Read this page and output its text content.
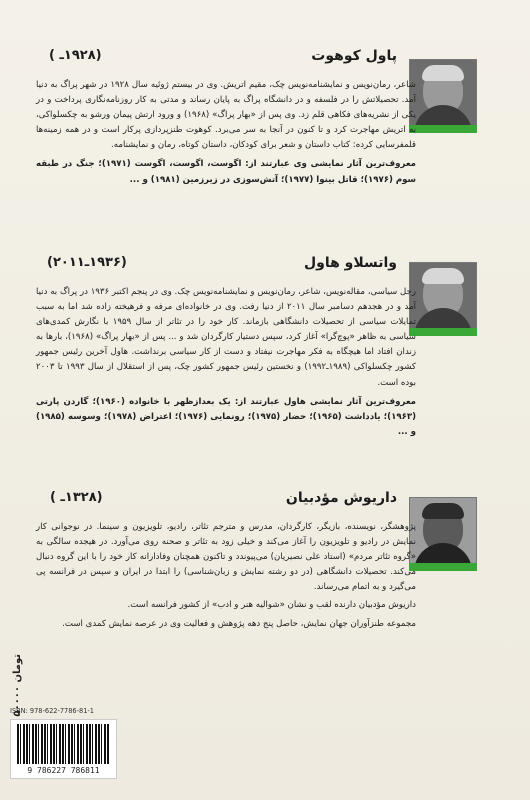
پاول کوهوت
(۱۹۲۸ـ )
شاعر، رمان‌نویس و نمایشنامه‌نویس چک، مقیم اتریش. وی در بیستم ژوئیه سال ۱۹۲۸ در شهر پراگ به دنیا آمد. تحصیلاتش را در فلسفه و در دانشگاه پراگ به پایان رساند و مدتی به کار روزنامه‌نگاری پرداخت و در یکی از نشریه‌های فکاهی قلم زد. وی پس از «بهار پراگ» (۱۹۶۸) و ورود ارتش پیمان ورشو به چکسلواکی، به اتریش مهاجرت کرد و تا کنون در آنجا به سر می‌برد. کوهوت طنزپردازی پرکار است و در همه زمینه‌ها قلمفرسایی کرده: کتاب داستان و شعر برای کودکان، داستان کوتاه، رمان و نمایشنامه.
معروف‌ترین آثار نمایشی وی عبارتند از: اگوست، اگوست، اگوست (۱۹۷۱)؛ جنگ در طبقه سوم (۱۹۷۶)؛ قاتل بینوا (۱۹۷۷)؛ آتش‌سوزی در زیرزمین (۱۹۸۱) و ...
واتسلاو هاول
(۱۹۳۶ـ۲۰۱۱)
رجل سیاسی، مقاله‌نویس، شاعر، رمان‌نویس و نمایشنامه‌نویس چک. وی در پنجم اکتبر ۱۹۳۶ در پراگ به دنیا آمد و در هجدهم دسامبر سال ۲۰۱۱ از دنیا رفت. وی در خانواده‌ای مرفه و فرهیخته زاده شد اما به سبب تمایلات سیاسی از تحصیلات دانشگاهی بازماند. کار خود را در تئاتر از سال ۱۹۵۹ با نگارش کمدی‌های سیاسی به ظاهر «پوچ‌گرا» آغاز کرد، سپس دستیار کارگردان شد و ... پس از «بهار پراگ» (۱۹۶۸)، بارها به زندان افتاد اما هیچگاه به فکر مهاجرت نیفتاد و دست از کار سیاسی برنداشت. هاول آخرین رئیس جمهور کشور چکسلواکی (۱۹۸۹ـ۱۹۹۲) و نخستین رئیس جمهور کشور چک، پس از استقلال از سال ۱۹۹۳ تا ۲۰۰۳ بوده است.
معروف‌ترین آثار نمایشی هاول عبارتند از: یک بعدازظهر با خانواده (۱۹۶۰)؛ گاردن پارتی (۱۹۶۳)؛ یادداشت (۱۹۶۵)؛ حضار (۱۹۷۵)؛ رونمایی (۱۹۷۶)؛ اعتراض (۱۹۷۸)؛ وسوسه (۱۹۸۵) و ...
داریوش مؤدبیان
(۱۳۲۸ـ )
پژوهشگر، نویسنده، بازیگر، کارگردان، مدرس و مترجم تئاتر، رادیو، تلویزیون و سینما. در نوجوانی کار نمایش در رادیو و تلویزیون را آغاز می‌کند و خیلی زود به تئاتر و صحنه روی می‌آورد. در هیجده سالگی به «گروه تئاتر مردم» (استاد علی نصیریان) می‌پیوندد و تاکنون همچنان وفادارانه کار خود را با این گروه دنبال می‌کند. تحصیلات دانشگاهی (در دو رشته نمایش و زبان‌شناسی) را ابتدا در ایران و سپس در فرانسه پی می‌گیرد و به اتمام می‌رساند.
داریوش مؤدبیان دارنده لقب و نشان «شوالیه هنر و ادب» از کشور فرانسه است.
مجموعه طنزآوران جهان نمایش، حاصل پنج دهه پژوهش و فعالیت وی در عرصه نمایش کمدی است.
ISBN: 978-622-7786-81-1
9 786227 786811
۵۰۰۰۰ تومان
